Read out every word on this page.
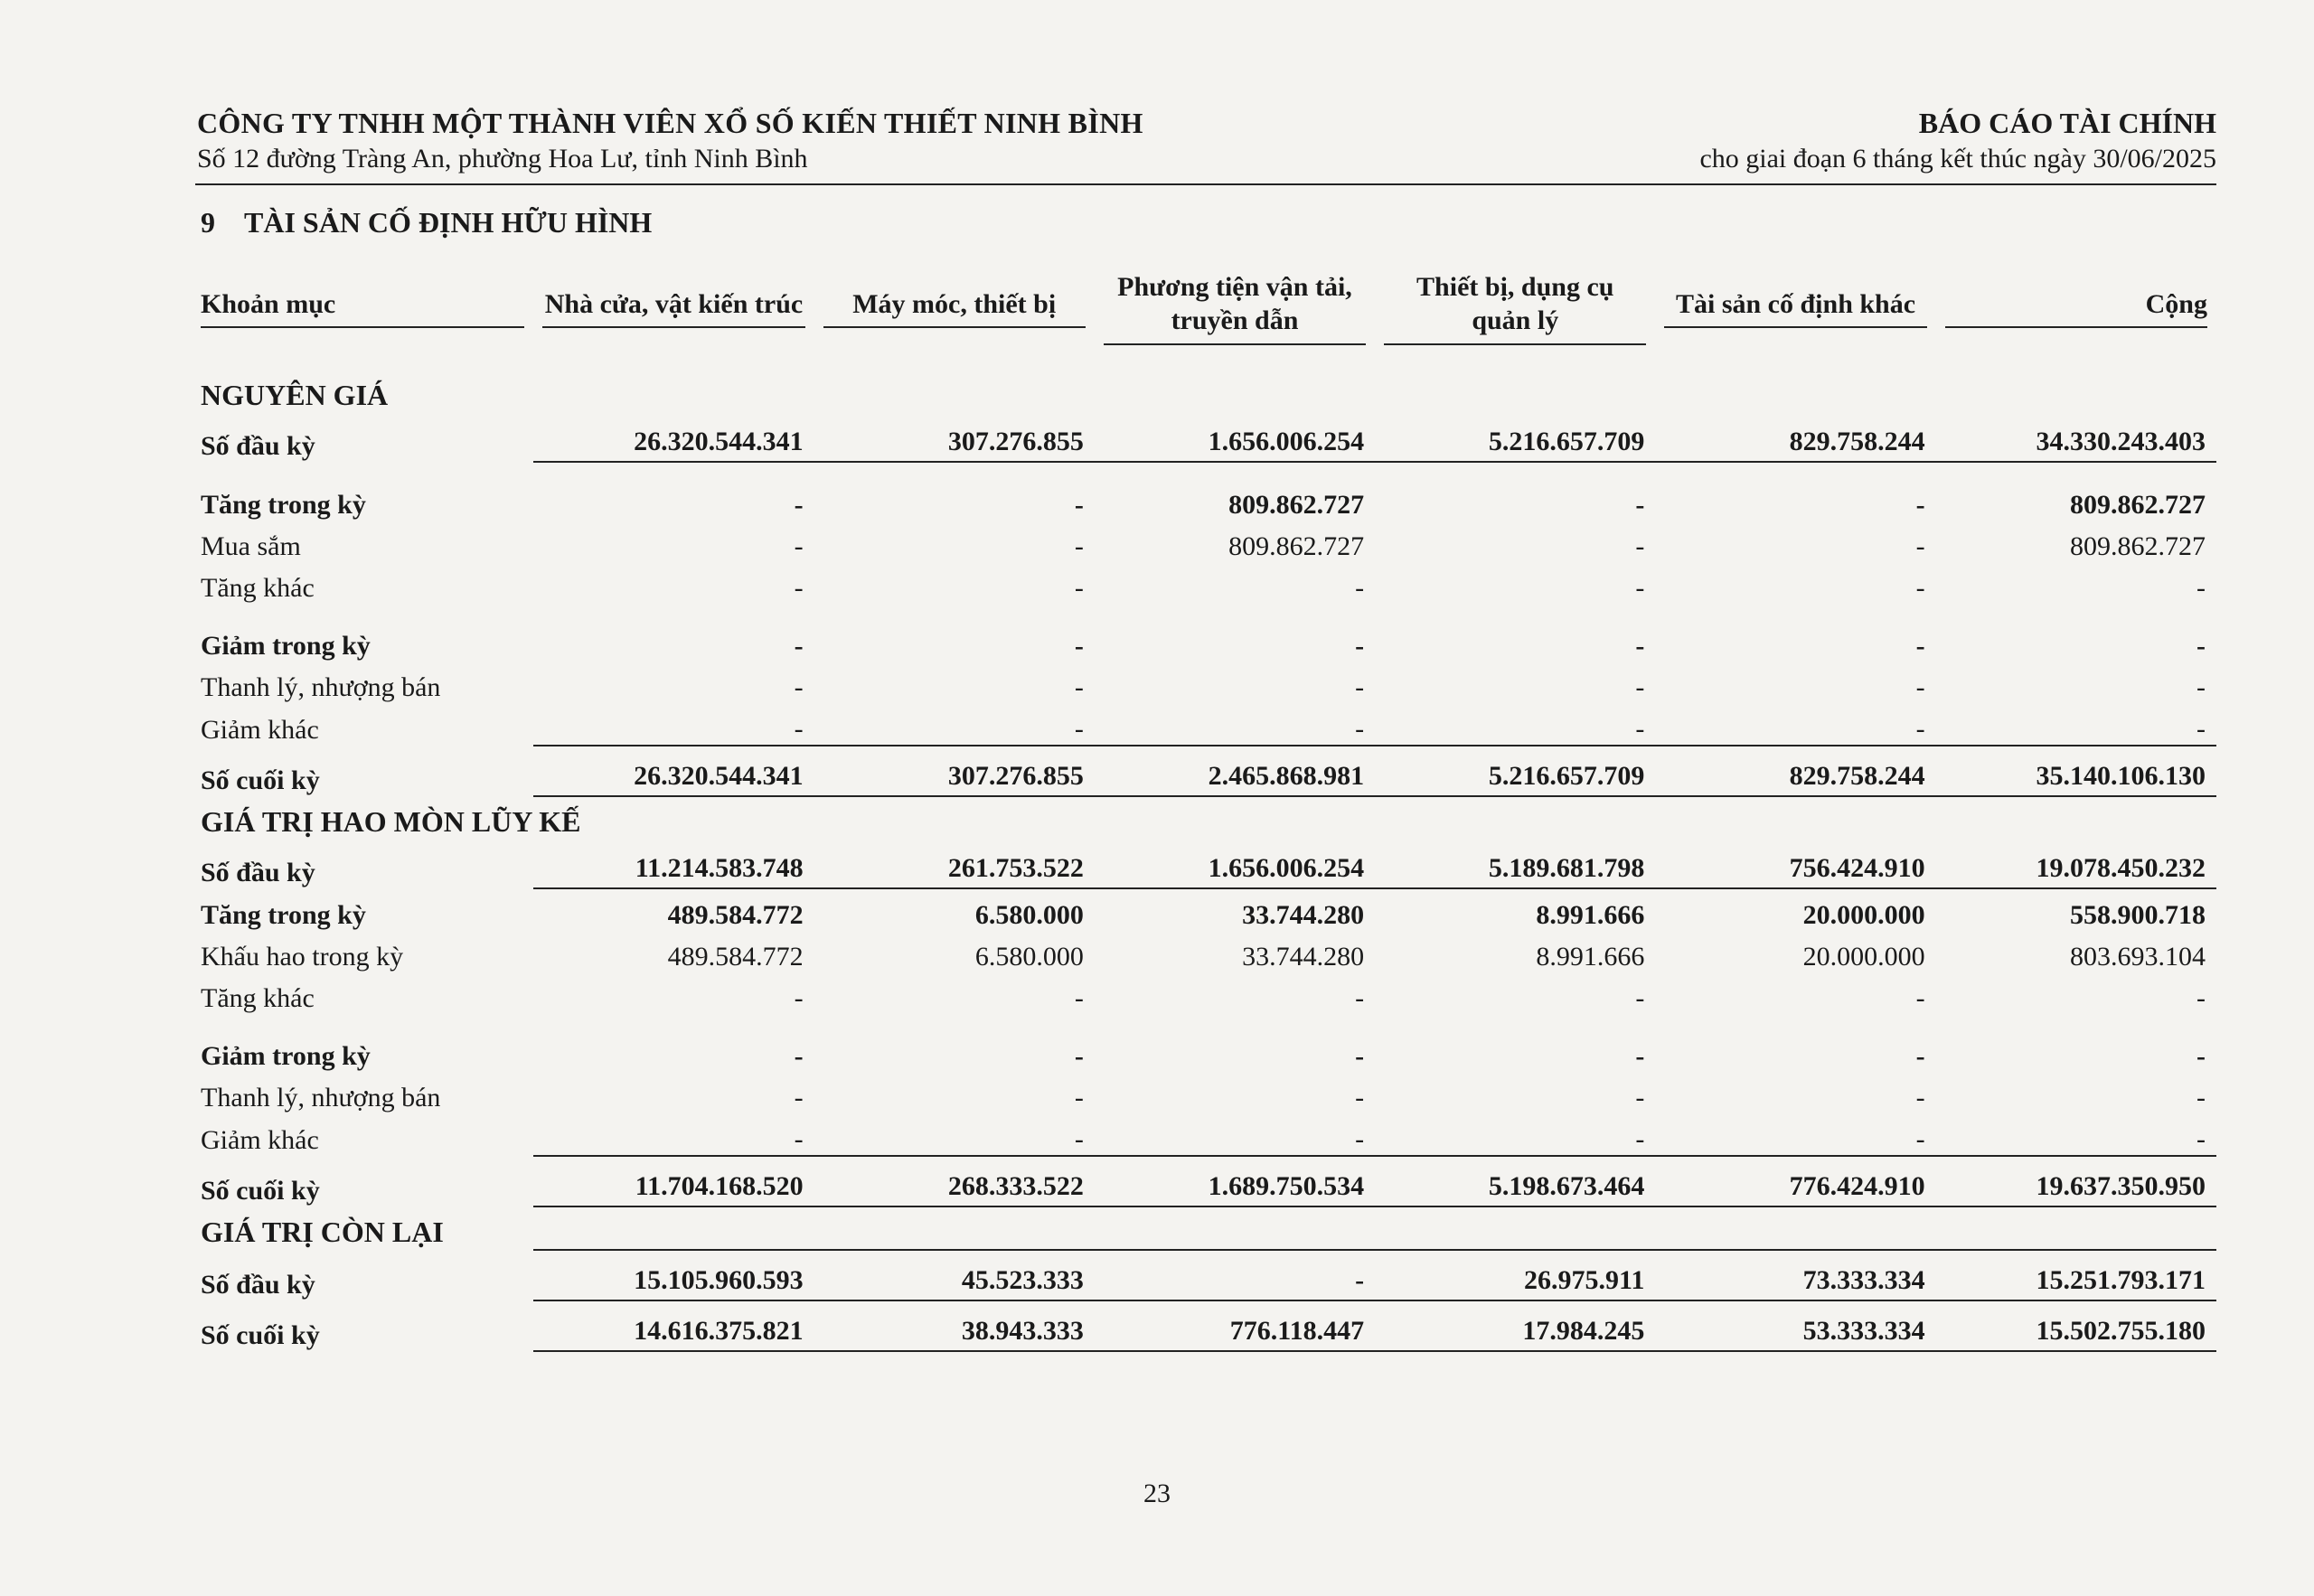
CÔNG TY TNHH MỘT THÀNH VIÊN XỔ SỐ KIẾN THIẾT NINH BÌNH
Số 12 đường Tràng An, phường Hoa Lư, tỉnh Ninh Bình
BÁO CÁO TÀI CHÍNH
cho giai đoạn 6 tháng kết thúc ngày 30/06/2025
9 TÀI SẢN CỐ ĐỊNH HỮU HÌNH
Khoản mục	Nhà cửa, vật kiến trúc	Máy móc, thiết bị	Phương tiện vận tải, truyền dẫn	Thiết bị, dụng cụ quản lý	Tài sản cố định khác	Cộng

NGUYÊN GIÁ						
Số đầu kỳ	26.320.544.341	307.276.855	1.656.006.254	5.216.657.709	829.758.244	34.330.243.403

Tăng trong kỳ	-	-	809.862.727	-	-	809.862.727
Mua sắm	-	-	809.862.727	-	-	809.862.727
Tăng khác	-	-	-	-	-	-

Giảm trong kỳ	-	-	-	-	-	-
Thanh lý, nhượng bán	-	-	-	-	-	-
Giảm khác	-	-	-	-	-	-
Số cuối kỳ	26.320.544.341	307.276.855	2.465.868.981	5.216.657.709	829.758.244	35.140.106.130
GIÁ TRỊ HAO MÒN LŨY KẾ						
Số đầu kỳ	11.214.583.748	261.753.522	1.656.006.254	5.189.681.798	756.424.910	19.078.450.232
Tăng trong kỳ	489.584.772	6.580.000	33.744.280	8.991.666	20.000.000	558.900.718
Khấu hao trong kỳ	489.584.772	6.580.000	33.744.280	8.991.666	20.000.000	803.693.104
Tăng khác	-	-	-	-	-	-

Giảm trong kỳ	-	-	-	-	-	-
Thanh lý, nhượng bán	-	-	-	-	-	-
Giảm khác	-	-	-	-	-	-
Số cuối kỳ	11.704.168.520	268.333.522	1.689.750.534	5.198.673.464	776.424.910	19.637.350.950
GIÁ TRỊ CÒN LẠI						
Số đầu kỳ	15.105.960.593	45.523.333	-	26.975.911	73.333.334	15.251.793.171
Số cuối kỳ	14.616.375.821	38.943.333	776.118.447	17.984.245	53.333.334	15.502.755.180
23
